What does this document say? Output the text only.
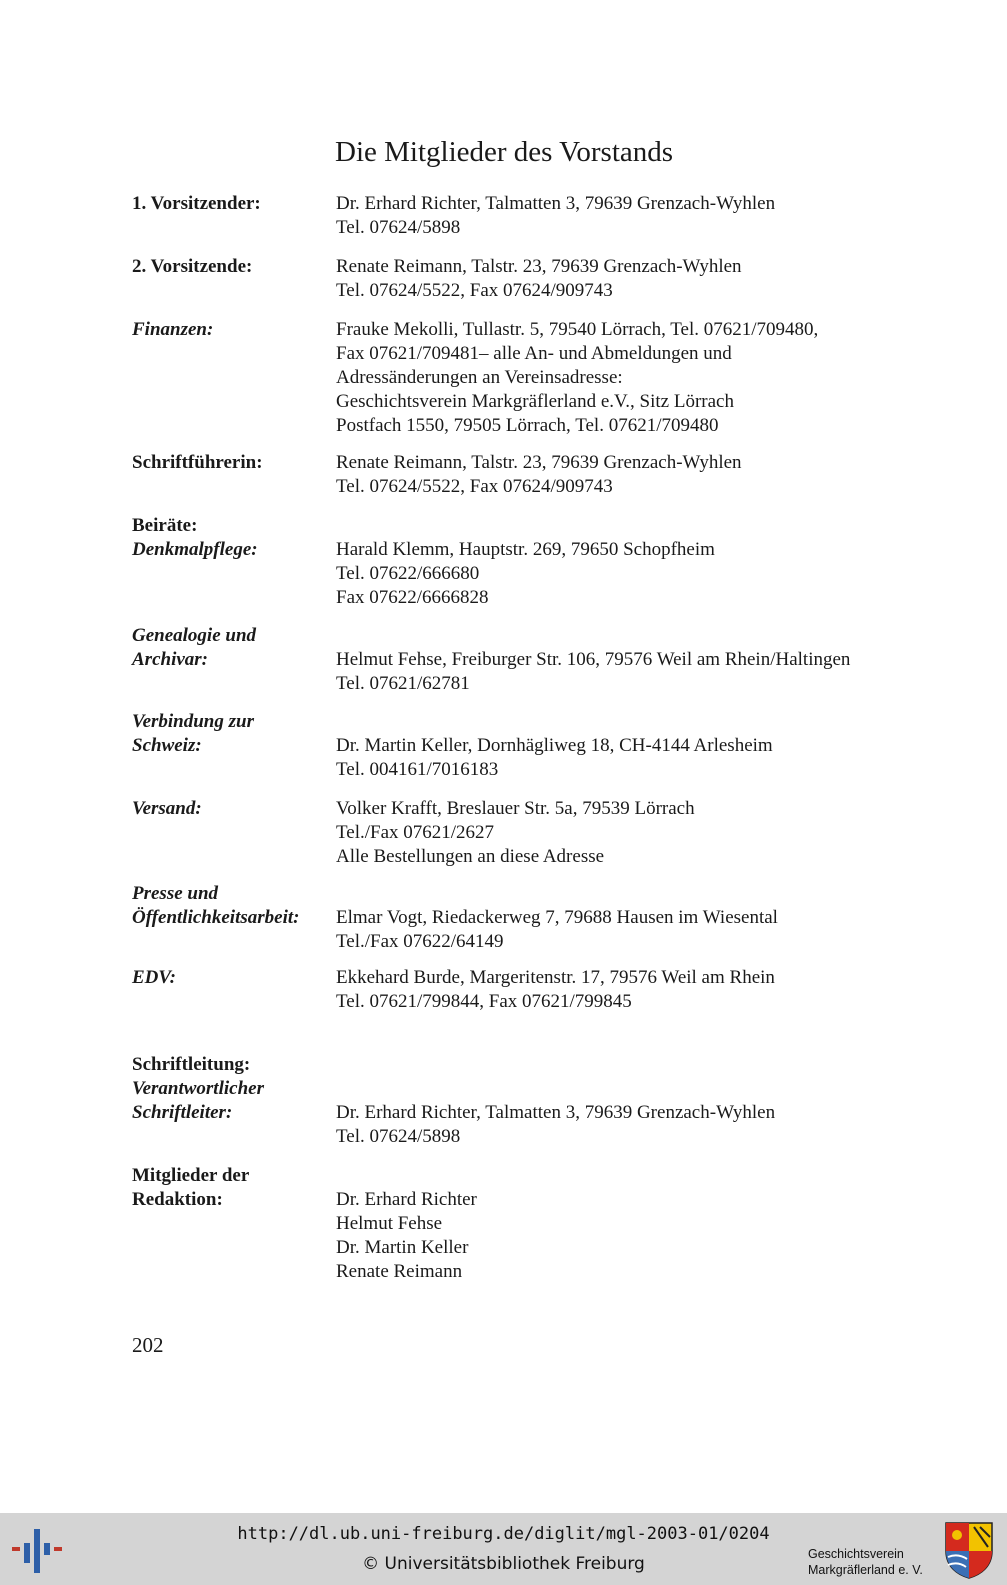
Die Mitglieder des Vorstands
1. Vorsitzender:	Dr. Erhard Richter, Talmatten 3, 79639 Grenzach-Wyhlen
Tel. 07624/5898
2. Vorsitzende:	Renate Reimann, Talstr. 23, 79639 Grenzach-Wyhlen
Tel. 07624/5522, Fax 07624/909743
Finanzen:	Frauke Mekolli, Tullastr. 5, 79540 Lörrach, Tel. 07621/709480,
Fax 07621/709481– alle An- und Abmeldungen und
Adressänderungen an Vereinsadresse:
Geschichtsverein Markgräflerland e.V., Sitz Lörrach
Postfach 1550, 79505 Lörrach, Tel. 07621/709480
Schriftführerin:	Renate Reimann, Talstr. 23, 79639 Grenzach-Wyhlen
Tel. 07624/5522, Fax 07624/909743
Beiräte:
Denkmalpflege:
	Harald Klemm, Hauptstr. 269, 79650 Schopfheim
Tel. 07622/666680
Fax 07622/6666828
Genealogie und
Archivar:
	Helmut Fehse, Freiburger Str. 106, 79576 Weil am Rhein/Haltingen
Tel. 07621/62781
Verbindung zur
Schweiz:
	Dr. Martin Keller, Dornhägliweg 18, CH-4144 Arlesheim
Tel. 004161/7016183
Versand:	Volker Krafft, Breslauer Str. 5a, 79539 Lörrach
Tel./Fax 07621/2627
Alle Bestellungen an diese Adresse
Presse und
Öffentlichkeitsarbeit:
	Elmar Vogt, Riedackerweg 7, 79688 Hausen im Wiesental
Tel./Fax 07622/64149
EDV:	Ekkehard Burde, Margeritenstr. 17, 79576 Weil am Rhein
Tel. 07621/799844, Fax 07621/799845
Schriftleitung:
Verantwortlicher
Schriftleiter:

	Dr. Erhard Richter, Talmatten 3, 79639 Grenzach-Wyhlen
Tel. 07624/5898
Mitglieder der
Redaktion:
	Dr. Erhard Richter
Helmut Fehse
Dr. Martin Keller
Renate Reimann
202
http://dl.ub.uni-freiburg.de/diglit/mgl-2003-01/0204
© Universitätsbibliothek Freiburg	Geschichtsverein
Markgräflerland e. V.
